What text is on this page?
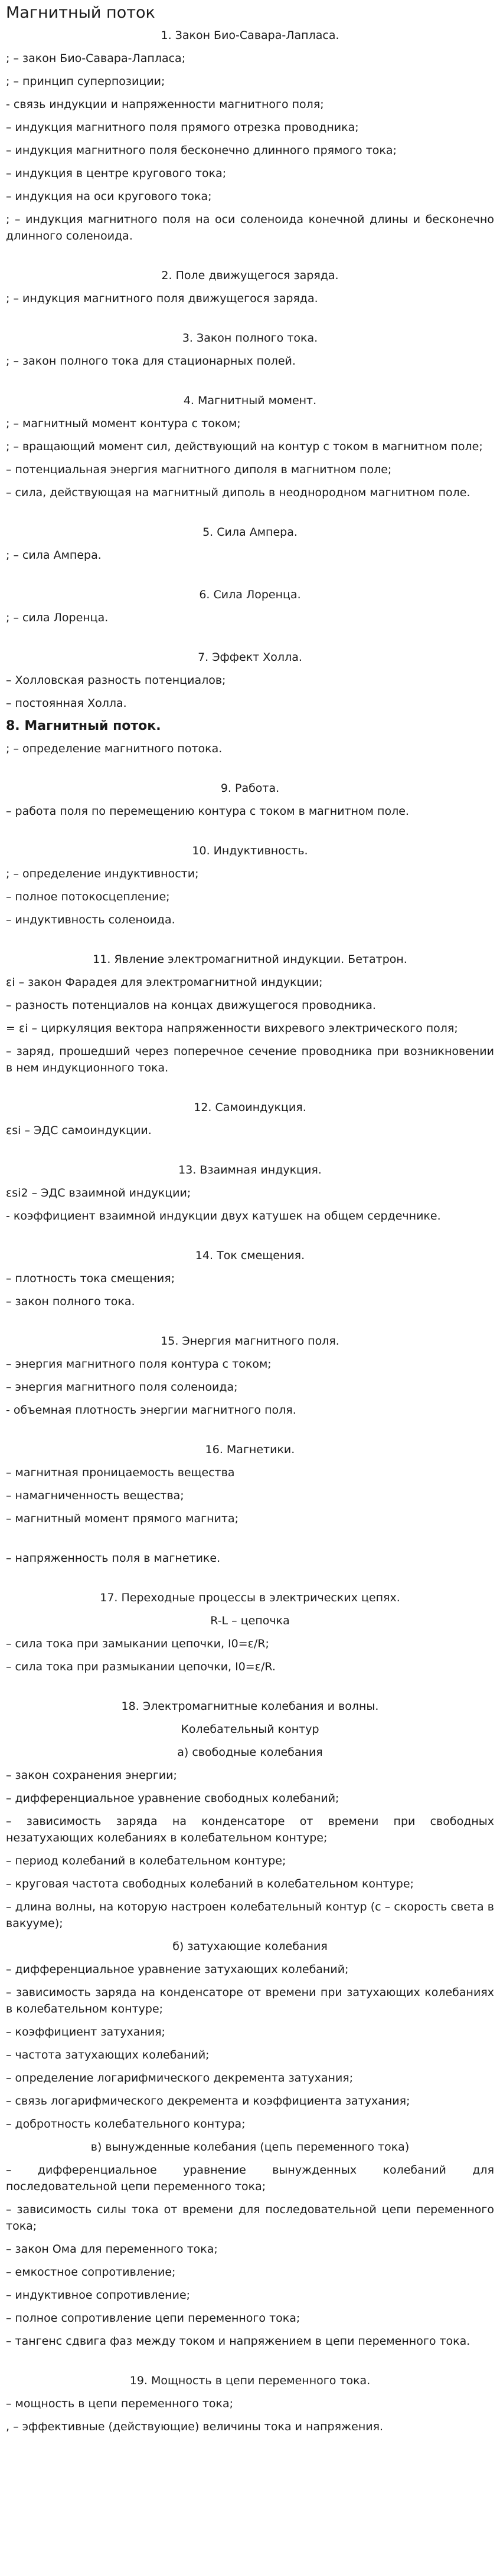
Магнитный поток

1. Закон Био-Савара-Лапласа.

; – закон Био-Савара-Лапласа;

; – принцип суперпозиции;

- связь индукции и напряженности магнитного поля;

– индукция магнитного поля прямого отрезка проводника;

– индукция магнитного поля бесконечно длинного прямого тока;

– индукция в центре кругового тока;

– индукция на оси кругового тока;

; – индукция магнитного поля на оси соленоида конечной длины и бесконечно длинного соленоида.

2. Поле движущегося заряда.

; – индукция магнитного поля движущегося заряда.

3. Закон полного тока.

; – закон полного тока для стационарных полей.

4. Магнитный момент.

; – магнитный момент контура с током;

; – вращающий момент сил, действующий на контур с током в магнитном поле;

– потенциальная энергия магнитного диполя в магнитном поле;

– сила, действующая на магнитный диполь в неоднородном магнитном поле.

5. Сила Ампера.

; – сила Ампера.

6. Сила Лоренца.

; – сила Лоренца.

7. Эффект Холла.

– Холловская разность потенциалов;

– постоянная Холла.

8. Магнитный поток.

; – определение магнитного потока.

9. Работа.

– работа поля по перемещению контура с током в магнитном поле.

10. Индуктивность.

; – определение индуктивности;

– полное потокосцепление;

– индуктивность соленоида.

11. Явление электромагнитной индукции. Бетатрон.

εi – закон Фарадея для электромагнитной индукции;

– разность потенциалов на концах движущегося проводника.

= εi – циркуляция вектора напряженности вихревого электрического поля;

– заряд, прошедший через поперечное сечение проводника при возникновении в нем индукционного тока.

12. Самоиндукция.

εsi – ЭДС самоиндукции.

13. Взаимная индукция.

εsi2 – ЭДС взаимной индукции;

- коэффициент взаимной индукции двух катушек на общем сердечнике.

14. Ток смещения.

– плотность тока смещения;

– закон полного тока.

15. Энергия магнитного поля.

– энергия магнитного поля контура с током;

– энергия магнитного поля соленоида;

- объемная плотность энергии магнитного поля.

16. Магнетики.

– магнитная проницаемость вещества

– намагниченность вещества;

– магнитный момент прямого магнита;

– напряженность поля в магнетике.

17. Переходные процессы в электрических цепях.

R-L – цепочка

– сила тока при замыкании цепочки, I0=ε/R;

– сила тока при размыкании цепочки, I0=ε/R.

18. Электромагнитные колебания и волны.

Колебательный контур

а) свободные колебания

– закон сохранения энергии;

– дифференциальное уравнение свободных колебаний;

– зависимость заряда на конденсаторе от времени при свободных незатухающих колебаниях в колебательном контуре;

– период колебаний в колебательном контуре;

– круговая частота свободных колебаний в колебательном контуре;

– длина волны, на которую настроен колебательный контур (с – скорость света в вакууме);

б) затухающие колебания

– дифференциальное уравнение затухающих колебаний;

– зависимость заряда на конденсаторе от времени при затухающих колебаниях в колебательном контуре;

– коэффициент затухания;

– частота затухающих колебаний;

– определение логарифмического декремента затухания;

– связь логарифмического декремента и коэффициента затухания;

– добротность колебательного контура;

в) вынужденные колебания (цепь переменного тока)

– дифференциальное уравнение вынужденных колебаний для последовательной цепи переменного тока;

– зависимость силы тока от времени для последовательной цепи переменного тока;

– закон Ома для переменного тока;

– емкостное сопротивление;

– индуктивное сопротивление;

– полное сопротивление цепи переменного тока;

– тангенс сдвига фаз между током и напряжением в цепи переменного тока.

19. Мощность в цепи переменного тока.

– мощность в цепи переменного тока;

, – эффективные (действующие) величины тока и напряжения.
